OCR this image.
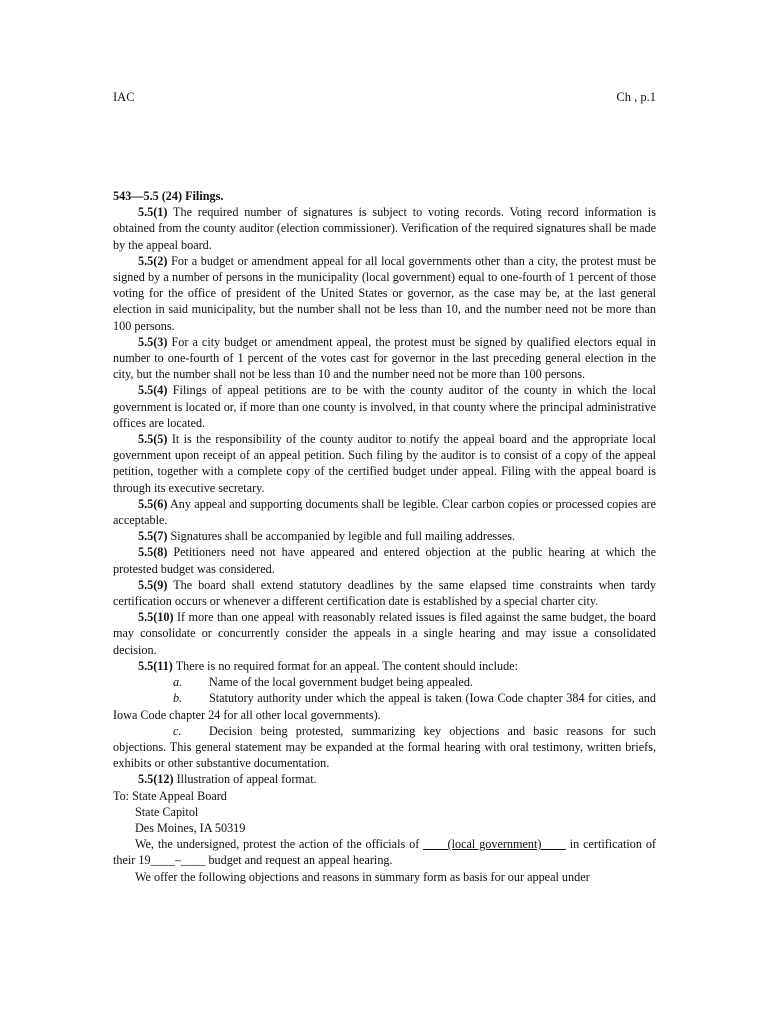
IAC	Ch , p.1
543—5.5 (24) Filings.

5.5(1) The required number of signatures is subject to voting records. Voting record information is obtained from the county auditor (election commissioner). Verification of the required signatures shall be made by the appeal board.

5.5(2) For a budget or amendment appeal for all local governments other than a city, the protest must be signed by a number of persons in the municipality (local government) equal to one-fourth of 1 percent of those voting for the office of president of the United States or governor, as the case may be, at the last general election in said municipality, but the number shall not be less than 10, and the number need not be more than 100 persons.

5.5(3) For a city budget or amendment appeal, the protest must be signed by qualified electors equal in number to one-fourth of 1 percent of the votes cast for governor in the last preceding general election in the city, but the number shall not be less than 10 and the number need not be more than 100 persons.

5.5(4) Filings of appeal petitions are to be with the county auditor of the county in which the local government is located or, if more than one county is involved, in that county where the principal administrative offices are located.

5.5(5) It is the responsibility of the county auditor to notify the appeal board and the appropriate local government upon receipt of an appeal petition. Such filing by the auditor is to consist of a copy of the appeal petition, together with a complete copy of the certified budget under appeal. Filing with the appeal board is through its executive secretary.

5.5(6) Any appeal and supporting documents shall be legible. Clear carbon copies or processed copies are acceptable.

5.5(7) Signatures shall be accompanied by legible and full mailing addresses.

5.5(8) Petitioners need not have appeared and entered objection at the public hearing at which the protested budget was considered.

5.5(9) The board shall extend statutory deadlines by the same elapsed time constraints when tardy certification occurs or whenever a different certification date is established by a special charter city.

5.5(10) If more than one appeal with reasonably related issues is filed against the same budget, the board may consolidate or concurrently consider the appeals in a single hearing and may issue a consolidated decision.

5.5(11) There is no required format for an appeal. The content should include:

a. Name of the local government budget being appealed.

b. Statutory authority under which the appeal is taken (Iowa Code chapter 384 for cities, and Iowa Code chapter 24 for all other local governments).

c. Decision being protested, summarizing key objections and basic reasons for such objections. This general statement may be expanded at the formal hearing with oral testimony, written briefs, exhibits or other substantive documentation.

5.5(12) Illustration of appeal format.

To: State Appeal Board

State Capitol

Des Moines, IA 50319

We, the undersigned, protest the action of the officials of ____(local government)____ in certification of their 19____–____ budget and request an appeal hearing.

We offer the following objections and reasons in summary form as basis for our appeal under
